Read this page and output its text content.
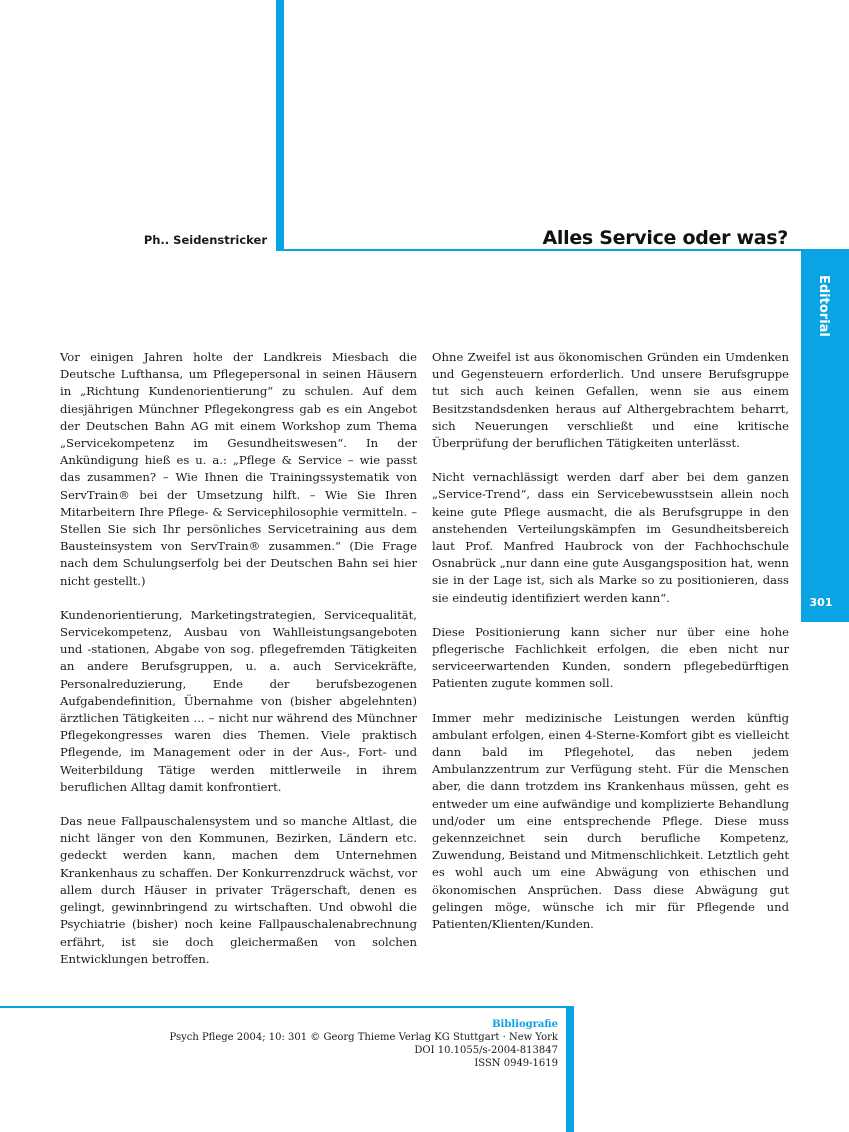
Ph.. Seidenstricker	Alles Service oder was?
Editorial
301

Vor einigen Jahren holte der Landkreis Miesbach die Deutsche Lufthansa, um Pflegepersonal in seinen Häusern in „Richtung Kundenorientierung“ zu schulen. Auf dem diesjährigen Münchner Pflegekongress gab es ein Angebot der Deutschen Bahn AG mit einem Workshop zum Thema „Servicekompetenz im Gesundheitswesen“. In der Ankündigung hieß es u. a.: „Pflege & Service – wie passt das zusammen? – Wie Ihnen die Trainingssystematik von ServTrain® bei der Umsetzung hilft. – Wie Sie Ihren Mitarbeitern Ihre Pflege- & Servicephilosophie vermitteln. – Stellen Sie sich Ihr persönliches Servicetraining aus dem Bausteinsystem von ServTrain® zusammen.“ (Die Frage nach dem Schulungserfolg bei der Deutschen Bahn sei hier nicht gestellt.)

Kundenorientierung, Marketingstrategien, Servicequalität, Servicekompetenz, Ausbau von Wahlleistungsangeboten und -stationen, Abgabe von sog. pflegefremden Tätigkeiten an andere Berufsgruppen, u. a. auch Servicekräfte, Personalreduzierung, Ende der berufsbezogenen Aufgabendefinition, Übernahme von (bisher abgelehnten) ärztlichen Tätigkeiten ... – nicht nur während des Münchner Pflegekongresses waren dies Themen. Viele praktisch Pflegende, im Management oder in der Aus-, Fort- und Weiterbildung Tätige werden mittlerweile in ihrem beruflichen Alltag damit konfrontiert.

Das neue Fallpauschalensystem und so manche Altlast, die nicht länger von den Kommunen, Bezirken, Ländern etc. gedeckt werden kann, machen dem Unternehmen Krankenhaus zu schaffen. Der Konkurrenzdruck wächst, vor allem durch Häuser in privater Trägerschaft, denen es gelingt, gewinnbringend zu wirtschaften. Und obwohl die Psychiatrie (bisher) noch keine Fallpauschalenabrechnung erfährt, ist sie doch gleichermaßen von solchen Entwicklungen betroffen.

Ohne Zweifel ist aus ökonomischen Gründen ein Umdenken und Gegensteuern erforderlich. Und unsere Berufsgruppe tut sich auch keinen Gefallen, wenn sie aus einem Besitzstandsdenken heraus auf Althergebrachtem beharrt, sich Neuerungen verschließt und eine kritische Überprüfung der beruflichen Tätigkeiten unterlässt.

Nicht vernachlässigt werden darf aber bei dem ganzen „Service-Trend“, dass ein Servicebewusstsein allein noch keine gute Pflege ausmacht, die als Berufsgruppe in den anstehenden Verteilungskämpfen im Gesundheitsbereich laut Prof. Manfred Haubrock von der Fachhochschule Osnabrück „nur dann eine gute Ausgangsposition hat, wenn sie in der Lage ist, sich als Marke so zu positionieren, dass sie eindeutig identifiziert werden kann“.

Diese Positionierung kann sicher nur über eine hohe pflegerische Fachlichkeit erfolgen, die eben nicht nur serviceerwartenden Kunden, sondern pflegebedürftigen Patienten zugute kommen soll.

Immer mehr medizinische Leistungen werden künftig ambulant erfolgen, einen 4-Sterne-Komfort gibt es vielleicht dann bald im Pflegehotel, das neben jedem Ambulanzzentrum zur Verfügung steht. Für die Menschen aber, die dann trotzdem ins Krankenhaus müssen, geht es entweder um eine aufwändige und komplizierte Behandlung und/oder um eine entsprechende Pflege. Diese muss gekennzeichnet sein durch berufliche Kompetenz, Zuwendung, Beistand und Mitmenschlichkeit. Letztlich geht es wohl auch um eine Abwägung von ethischen und ökonomischen Ansprüchen. Dass diese Abwägung gut gelingen möge, wünsche ich mir für Pflegende und Patienten/Klienten/Kunden.

Bibliografie
Psych Pflege 2004; 10: 301 © Georg Thieme Verlag KG Stuttgart · New York
DOI 10.1055/s-2004-813847
ISSN 0949-1619
